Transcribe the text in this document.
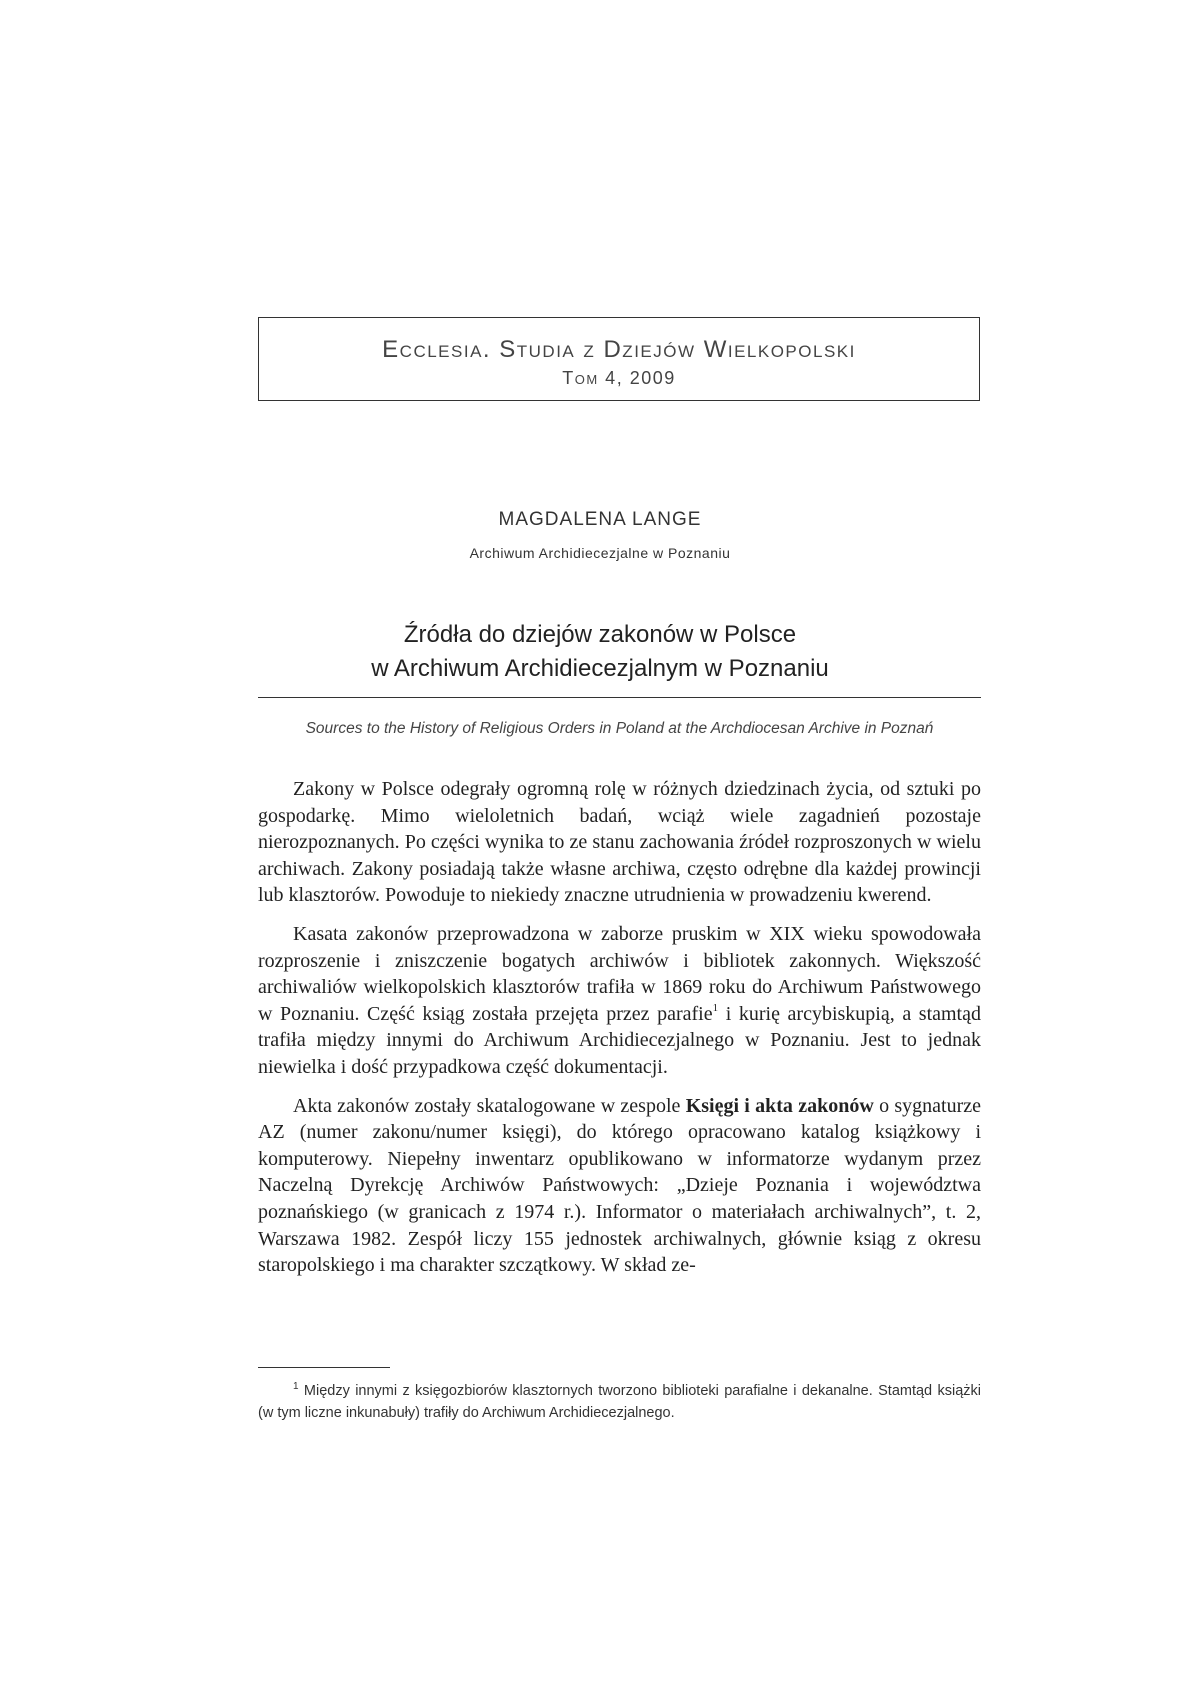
Ecclesia. Studia z Dziejów Wielkopolski
Tom 4, 2009
MAGDALENA LANGE
Archiwum Archidiecezjalne w Poznaniu
Źródła do dziejów zakonów w Polsce
w Archiwum Archidiecezjalnym w Poznaniu
Sources to the History of Religious Orders in Poland at the Archdiocesan Archive in Poznań

Zakony w Polsce odegrały ogromną rolę w różnych dziedzinach życia, od sztuki po gospodarkę. Mimo wieloletnich badań, wciąż wiele zagadnień pozostaje nierozpoznanych. Po części wynika to ze stanu zachowania źródeł rozproszonych w wielu archiwach. Zakony posiadają także własne archiwa, często odrębne dla każdej prowincji lub klasztorów. Powoduje to niekiedy znaczne utrudnienia w prowadzeniu kwerend.

Kasata zakonów przeprowadzona w zaborze pruskim w XIX wieku spowodowała rozproszenie i zniszczenie bogatych archiwów i bibliotek zakonnych. Większość archiwaliów wielkopolskich klasztorów trafiła w 1869 roku do Archiwum Państwowego w Poznaniu. Część ksiąg została przejęta przez parafie$^1$ i kurię arcybiskupią, a stamtąd trafiła między innymi do Archiwum Archidiecezjalnego w Poznaniu. Jest to jednak niewielka i dość przypadkowa część dokumentacji.

Akta zakonów zostały skatalogowane w zespole Księgi i akta zakonów o sygnaturze AZ (numer zakonu/numer księgi), do którego opracowano katalog książkowy i komputerowy. Niepełny inwentarz opublikowano w informatorze wydanym przez Naczelną Dyrekcję Archiwów Państwowych: „Dzieje Poznania i województwa poznańskiego (w granicach z 1974 r.). Informator o materiałach archiwalnych”, t. 2, Warszawa 1982. Zespół liczy 155 jednostek archiwalnych, głównie ksiąg z okresu staropolskiego i ma charakter szczątkowy. W skład ze-

$^1$ Między innymi z księgozbiorów klasztornych tworzono biblioteki parafialne i dekanalne. Stamtąd książki (w tym liczne inkunabuły) trafiły do Archiwum Archidiecezjalnego.
